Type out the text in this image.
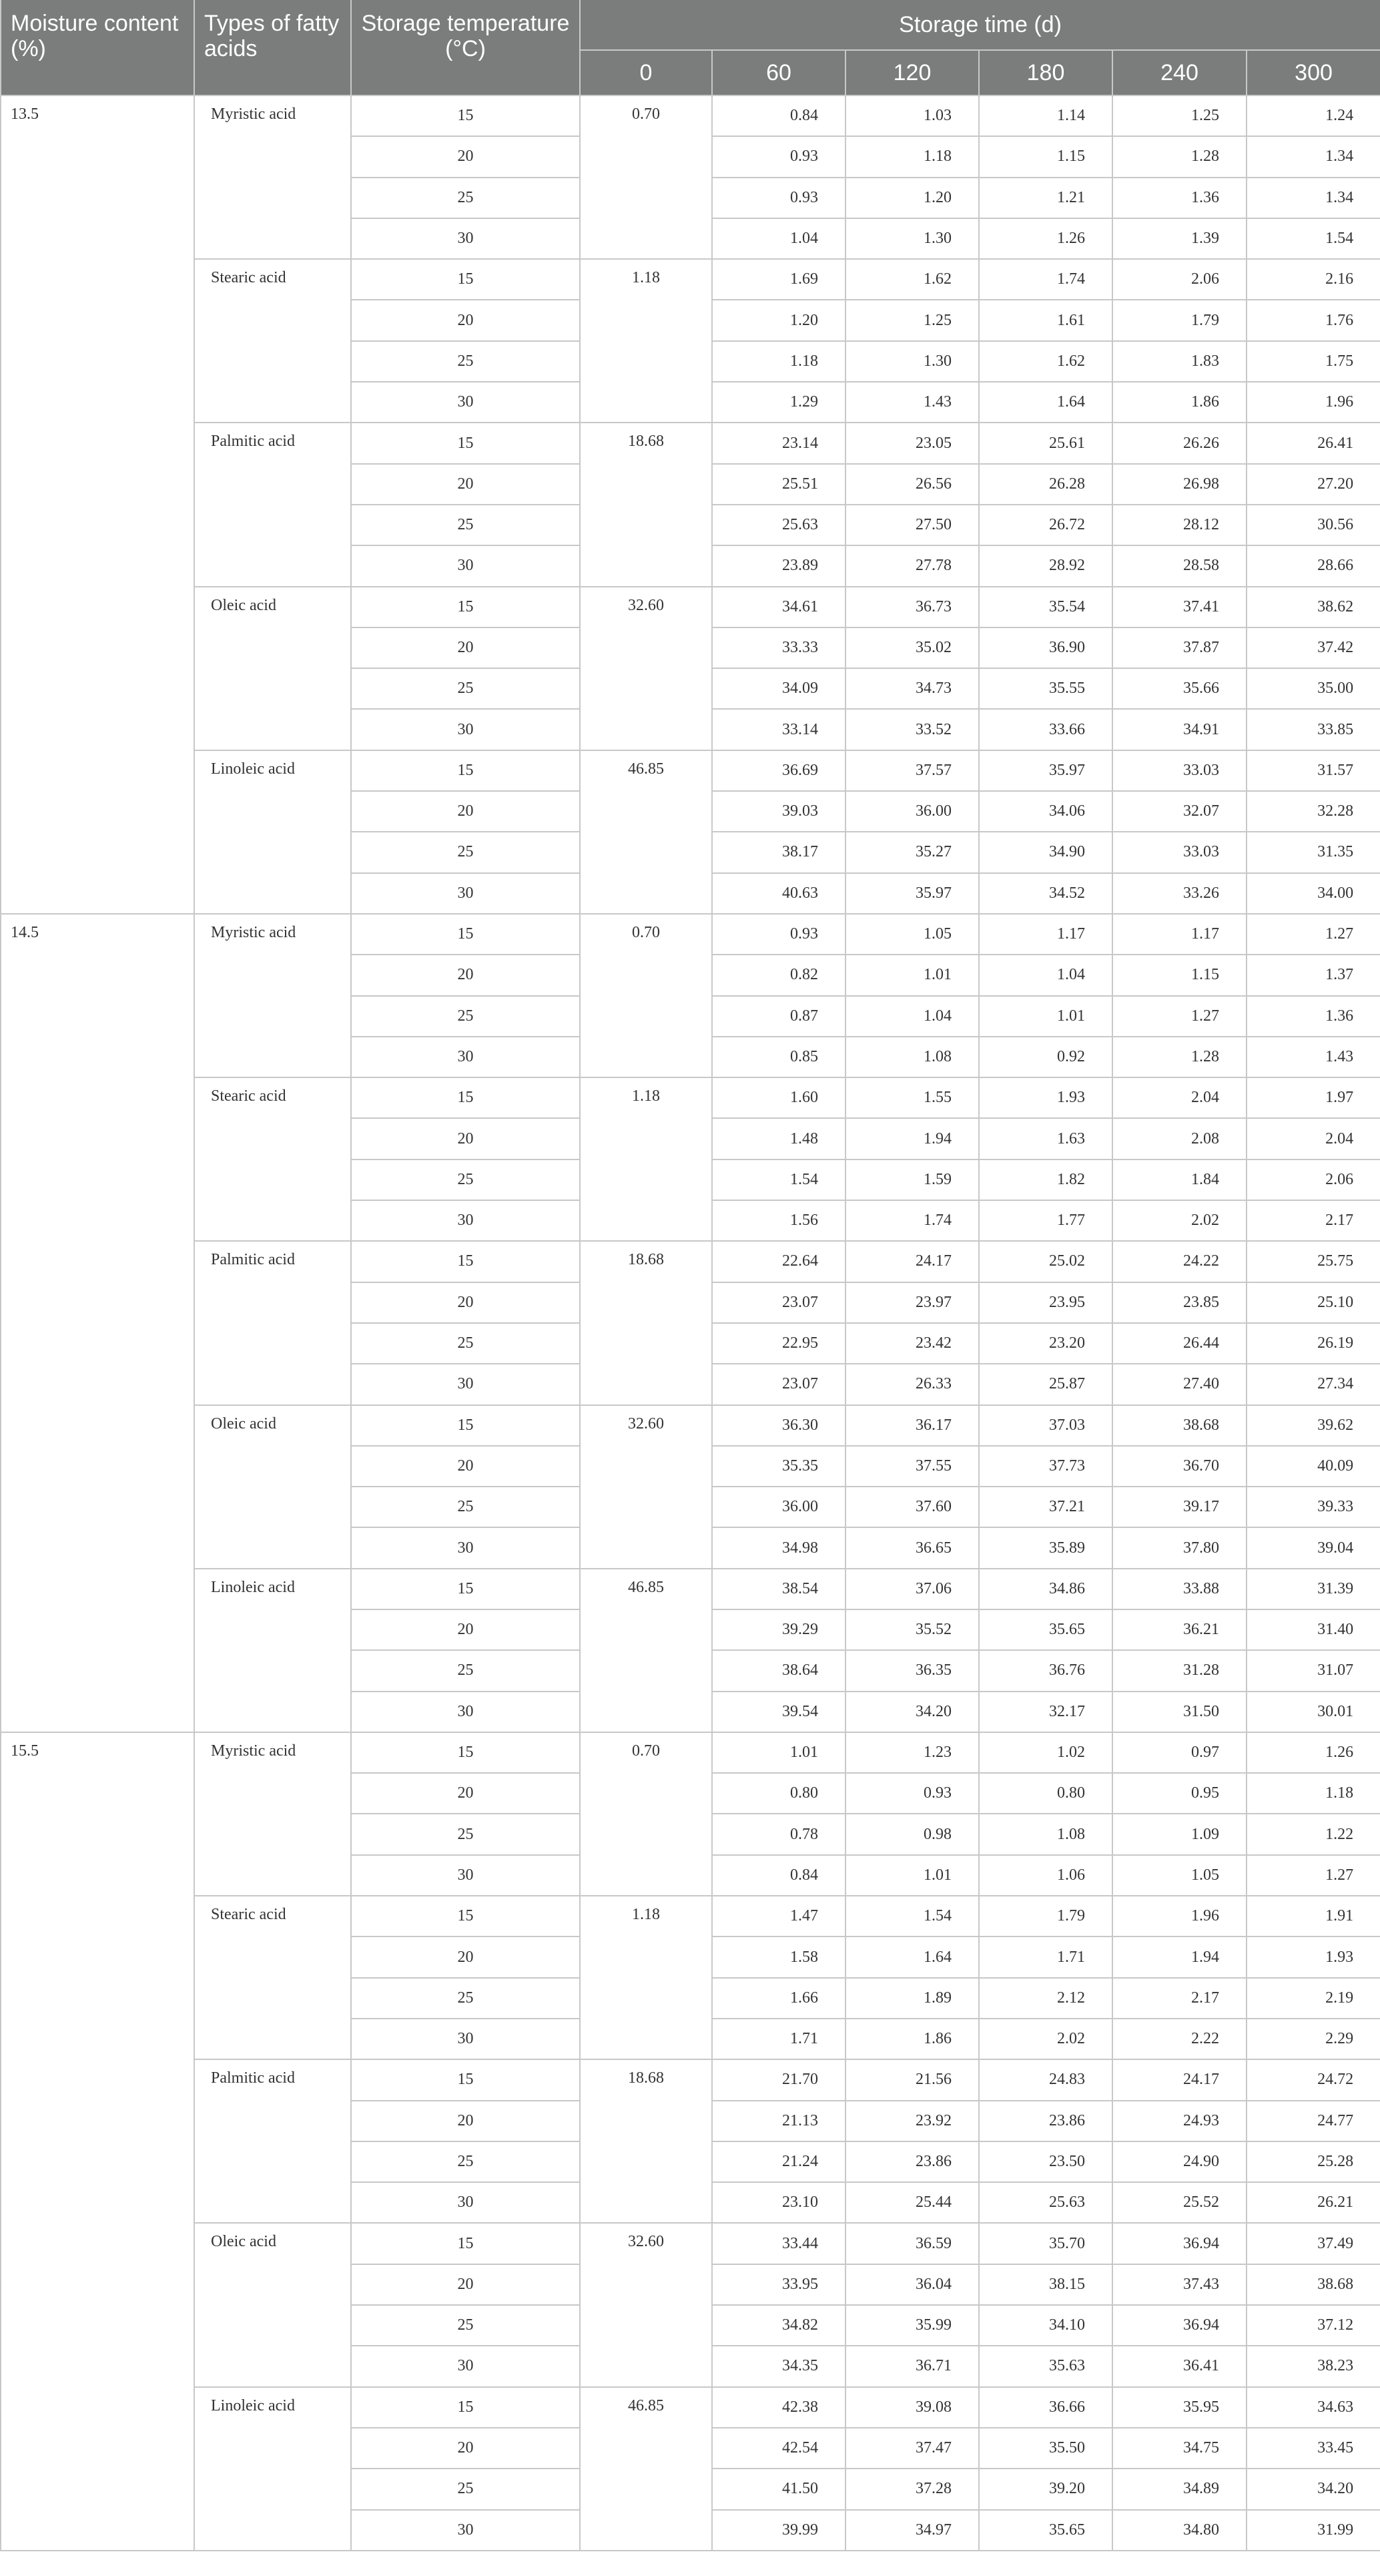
Moisture content (%)	Types of fatty acids	Storage temperature (°C)	Storage time (d)					
			0	60	120	180	240	300
13.5	Myristic acid	15	0.70	0.84	1.03	1.14	1.25	1.24
		20		0.93	1.18	1.15	1.28	1.34
		25		0.93	1.20	1.21	1.36	1.34
		30		1.04	1.30	1.26	1.39	1.54
	Stearic acid	15	1.18	1.69	1.62	1.74	2.06	2.16
		20		1.20	1.25	1.61	1.79	1.76
		25		1.18	1.30	1.62	1.83	1.75
		30		1.29	1.43	1.64	1.86	1.96
	Palmitic acid	15	18.68	23.14	23.05	25.61	26.26	26.41
		20		25.51	26.56	26.28	26.98	27.20
		25		25.63	27.50	26.72	28.12	30.56
		30		23.89	27.78	28.92	28.58	28.66
	Oleic acid	15	32.60	34.61	36.73	35.54	37.41	38.62
		20		33.33	35.02	36.90	37.87	37.42
		25		34.09	34.73	35.55	35.66	35.00
		30		33.14	33.52	33.66	34.91	33.85
	Linoleic acid	15	46.85	36.69	37.57	35.97	33.03	31.57
		20		39.03	36.00	34.06	32.07	32.28
		25		38.17	35.27	34.90	33.03	31.35
		30		40.63	35.97	34.52	33.26	34.00
14.5	Myristic acid	15	0.70	0.93	1.05	1.17	1.17	1.27
		20		0.82	1.01	1.04	1.15	1.37
		25		0.87	1.04	1.01	1.27	1.36
		30		0.85	1.08	0.92	1.28	1.43
	Stearic acid	15	1.18	1.60	1.55	1.93	2.04	1.97
		20		1.48	1.94	1.63	2.08	2.04
		25		1.54	1.59	1.82	1.84	2.06
		30		1.56	1.74	1.77	2.02	2.17
	Palmitic acid	15	18.68	22.64	24.17	25.02	24.22	25.75
		20		23.07	23.97	23.95	23.85	25.10
		25		22.95	23.42	23.20	26.44	26.19
		30		23.07	26.33	25.87	27.40	27.34
	Oleic acid	15	32.60	36.30	36.17	37.03	38.68	39.62
		20		35.35	37.55	37.73	36.70	40.09
		25		36.00	37.60	37.21	39.17	39.33
		30		34.98	36.65	35.89	37.80	39.04
	Linoleic acid	15	46.85	38.54	37.06	34.86	33.88	31.39
		20		39.29	35.52	35.65	36.21	31.40
		25		38.64	36.35	36.76	31.28	31.07
		30		39.54	34.20	32.17	31.50	30.01
15.5	Myristic acid	15	0.70	1.01	1.23	1.02	0.97	1.26
		20		0.80	0.93	0.80	0.95	1.18
		25		0.78	0.98	1.08	1.09	1.22
		30		0.84	1.01	1.06	1.05	1.27
	Stearic acid	15	1.18	1.47	1.54	1.79	1.96	1.91
		20		1.58	1.64	1.71	1.94	1.93
		25		1.66	1.89	2.12	2.17	2.19
		30		1.71	1.86	2.02	2.22	2.29
	Palmitic acid	15	18.68	21.70	21.56	24.83	24.17	24.72
		20		21.13	23.92	23.86	24.93	24.77
		25		21.24	23.86	23.50	24.90	25.28
		30		23.10	25.44	25.63	25.52	26.21
	Oleic acid	15	32.60	33.44	36.59	35.70	36.94	37.49
		20		33.95	36.04	38.15	37.43	38.68
		25		34.82	35.99	34.10	36.94	37.12
		30		34.35	36.71	35.63	36.41	38.23
	Linoleic acid	15	46.85	42.38	39.08	36.66	35.95	34.63
		20		42.54	37.47	35.50	34.75	33.45
		25		41.50	37.28	39.20	34.89	34.20
		30		39.99	34.97	35.65	34.80	31.99
